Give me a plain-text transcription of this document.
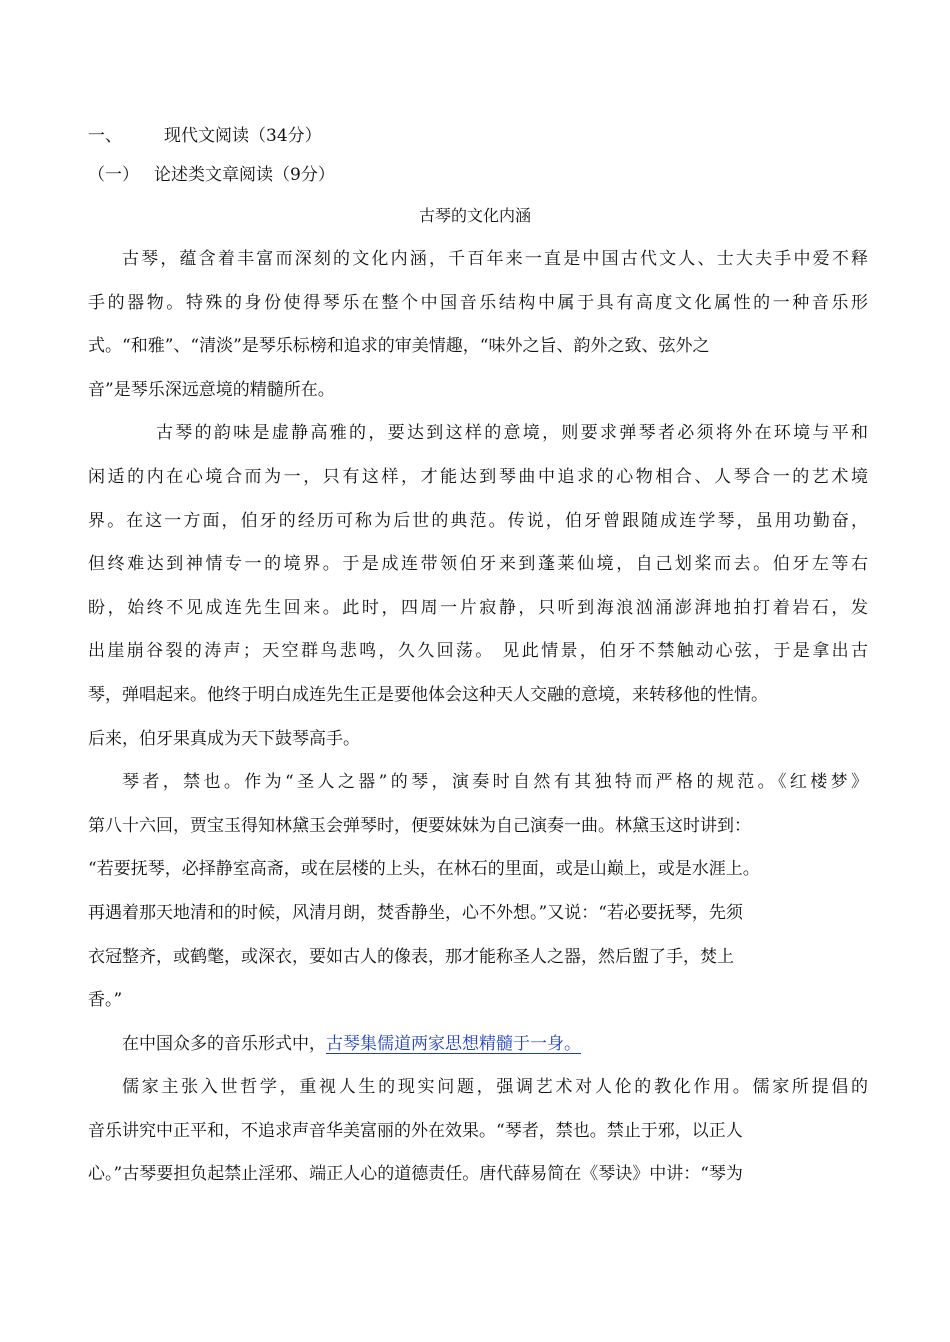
一、 现代文阅读（34分）
（一） 论述类文章阅读（9分）
古琴的文化内涵
古琴，蕴含着丰富而深刻的文化内涵，千百年来一直是中国古代文人、士大夫手中爱不释
手的器物。特殊的身份使得琴乐在整个中国音乐结构中属于具有高度文化属性的一种音乐形
式。“和雅”、“清淡”是琴乐标榜和追求的审美情趣，“味外之旨、韵外之致、弦外之
音”是琴乐深远意境的精髓所在。
古琴的韵味是虚静高雅的，要达到这样的意境，则要求弹琴者必须将外在环境与平和
闲适的内在心境合而为一，只有这样，才能达到琴曲中追求的心物相合、人琴合一的艺术境
界。在这一方面，伯牙的经历可称为后世的典范。传说，伯牙曾跟随成连学琴，虽用功勤奋，
但终难达到神情专一的境界。于是成连带领伯牙来到蓬莱仙境，自己划桨而去。伯牙左等右
盼，始终不见成连先生回来。此时，四周一片寂静，只听到海浪汹涌澎湃地拍打着岩石，发
出崖崩谷裂的涛声；天空群鸟悲鸣，久久回荡。 见此情景，伯牙不禁触动心弦，于是拿出古
琴，弹唱起来。他终于明白成连先生正是要他体会这种天人交融的意境，来转移他的性情。
后来，伯牙果真成为天下鼓琴高手。
琴者，禁也。作为“圣人之器”的琴，演奏时自然有其独特而严格的规范。《红楼梦》
第八十六回，贾宝玉得知林黛玉会弹琴时，便要妹妹为自己演奏一曲。林黛玉这时讲到：
“若要抚琴，必择静室高斋，或在层楼的上头，在林石的里面，或是山巅上，或是水涯上。
再遇着那天地清和的时候，风清月朗，焚香静坐，心不外想。”又说：“若必要抚琴，先须
衣冠整齐，或鹤氅，或深衣，要如古人的像表，那才能称圣人之器，然后盥了手，焚上
香。”
在中国众多的音乐形式中，古琴集儒道两家思想精髓于一身。
儒家主张入世哲学，重视人生的现实问题，强调艺术对人伦的教化作用。儒家所提倡的
音乐讲究中正平和，不追求声音华美富丽的外在效果。“琴者，禁也。禁止于邪，以正人
心。”古琴要担负起禁止淫邪、端正人心的道德责任。唐代薛易简在《琴诀》中讲：“琴为
